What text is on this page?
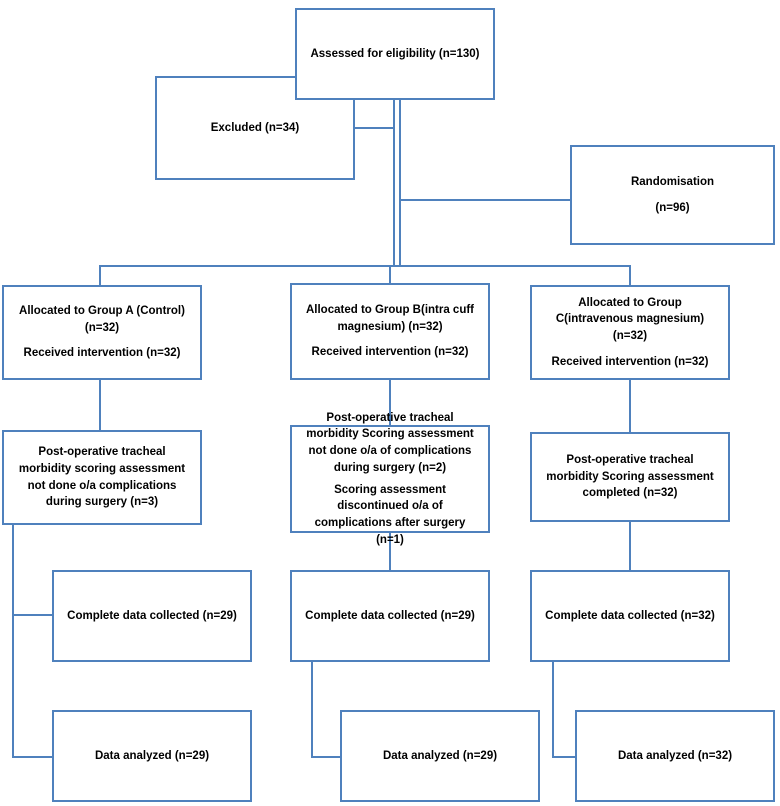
Excluded (n=34)
Assessed for eligibility (n=130)
Randomisation
(n=96)
Allocated to Group A (Control) (n=32)
Received intervention (n=32)
Allocated to Group B(intra cuff magnesium) (n=32)
Received intervention (n=32)
Allocated to Group C(intravenous magnesium) (n=32)
Received intervention (n=32)
Post-operative tracheal morbidity scoring assessment not done o/a complications during surgery (n=3)
Post-operative tracheal morbidity Scoring assessment not done o/a of complications during surgery (n=2)
Scoring assessment discontinued o/a of complications after surgery (n=1)
Post-operative tracheal morbidity Scoring assessment completed (n=32)
Complete data collected (n=29)	Complete data collected (n=29)	Complete data collected (n=32)
Data analyzed (n=29)	Data analyzed (n=29)	Data analyzed (n=32)
